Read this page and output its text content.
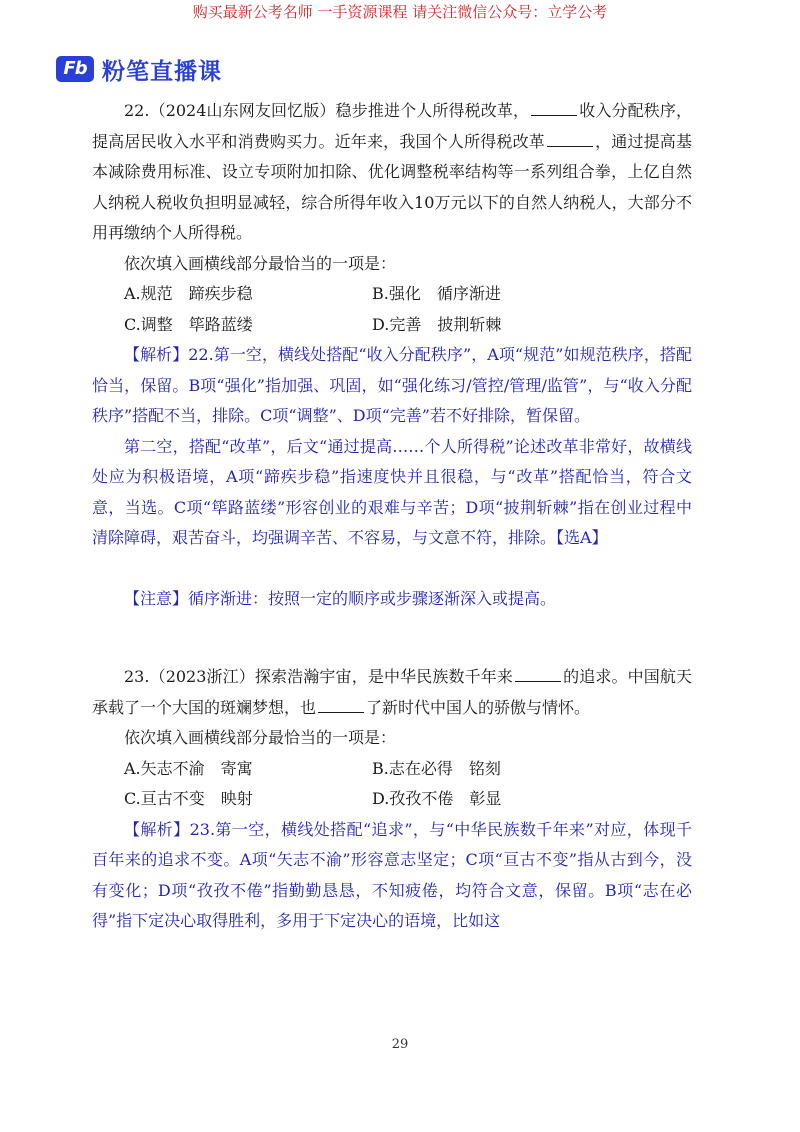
购买最新公考名师 一手资源课程 请关注微信公众号：立学公考
Fb 粉笔直播课

22.（2024山东网友回忆版）稳步推进个人所得税改革，	收入分配秩序，提高居民收入水平和消费购买力。近年来，我国个人所得税改革	，通过提高基本减除费用标准、设立专项附加扣除、优化调整税率结构等一系列组合拳，上亿自然人纳税人税收负担明显减轻，综合所得年收入10万元以下的自然人纳税人，大部分不用再缴纳个人所得税。

依次填入画横线部分最恰当的一项是：

A.规范　蹄疾步稳	B.强化　循序渐进
C.调整　筚路蓝缕	D.完善　披荆斩棘

【解析】22.第一空，横线处搭配“收入分配秩序”，A项“规范”如规范秩序，搭配恰当，保留。B项“强化”指加强、巩固，如“强化练习/管控/管理/监管”，与“收入分配秩序”搭配不当，排除。C项“调整”、D项“完善”若不好排除，暂保留。

第二空，搭配“改革”，后文“通过提高……个人所得税”论述改革非常好，故横线处应为积极语境，A项“蹄疾步稳”指速度快并且很稳，与“改革”搭配恰当，符合文意，当选。C项“筚路蓝缕”形容创业的艰难与辛苦；D项“披荆斩棘”指在创业过程中清除障碍，艰苦奋斗，均强调辛苦、不容易，与文意不符，排除。【选A】

【注意】循序渐进：按照一定的顺序或步骤逐渐深入或提高。

23.（2023浙江）探索浩瀚宇宙，是中华民族数千年来	的追求。中国航天承载了一个大国的斑斓梦想，也	了新时代中国人的骄傲与情怀。

依次填入画横线部分最恰当的一项是：

A.矢志不渝　寄寓	B.志在必得　铭刻
C.亘古不变　映射	D.孜孜不倦　彰显

【解析】23.第一空，横线处搭配“追求”，与“中华民族数千年来”对应，体现千百年来的追求不变。A项“矢志不渝”形容意志坚定；C项“亘古不变”指从古到今，没有变化；D项“孜孜不倦”指勤勤恳恳，不知疲倦，均符合文意，保留。B项“志在必得”指下定决心取得胜利，多用于下定决心的语境，比如这

29
